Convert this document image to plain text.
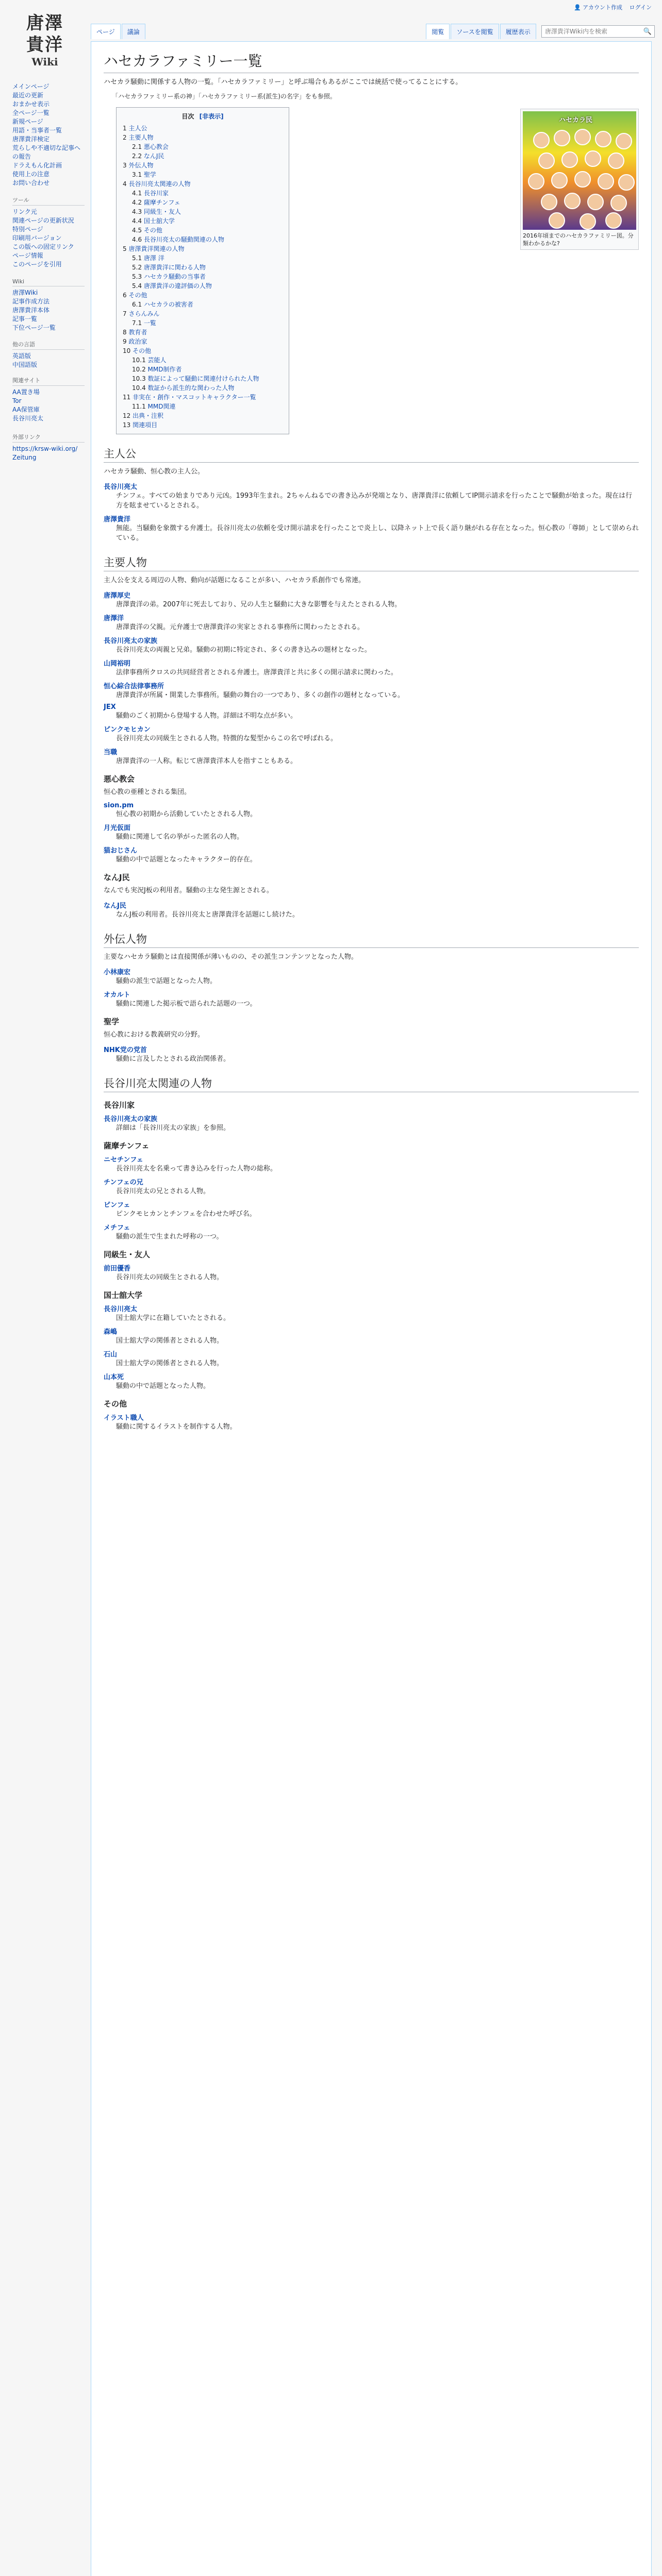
唐澤
貴洋
Wiki
メインページ
最近の更新
おまかせ表示
全ページ一覧
新規ページ
用語・当事者一覧
唐澤貴洋検定
荒らしや不適切な記事への報告
ドラえもん化計画
使用上の注意
お問い合わせ
ツール
リンク元
関連ページの更新状況
特別ページ
印刷用バージョン
この版への固定リンク
ページ情報
このページを引用
Wiki
唐澤Wiki
記事作成方法
唐澤貴洋本体
記事一覧
下位ページ一覧
他の言語
英語版
中国語版
関連サイト
AA置き場
Tor
AA保管庫
長谷川亮太
外部リンク
https://krsw-wiki.org/
Zeitung
👤 アカウント作成 ログイン
ページ	議論	閲覧	ソースを閲覧	履歴表示
唐澤貴洋Wiki内を検索	🔍
ハセカラファミリー一覧
ハセカラ民
2016年頃までのハセカラファミリー図。分類わかるかな?

ハセカラ騒動に関係する人物の一覧。「ハセカラファミリー」と呼ぶ場合もあるがここでは統括で使ってることにする。

「ハセカラファミリー系の神」「ハセカラファミリー系(派生)の名字」をも参照。
目次 [非表示]
1 主人公
2 主要人物
2.1 悪心教会
2.2 なんJ民
3 外伝人物
3.1 聖学
4 長谷川亮太関連の人物
4.1 長谷川家
4.2 薩摩チンフェ
4.3 同級生・友人
4.4 国士舘大学
4.5 その他
4.6 長谷川亮太の騒動関連の人物
5 唐澤貴洋関連の人物
5.1 唐澤 洋
5.2 唐澤貴洋に関わる人物
5.3 ハセカラ騒動の当事者
5.4 唐澤貴洋の違評価の人物
6 その他
6.1 ハセカラの被害者
7 さらんみん
7.1 一覧
8 教育者
9 政治家
10 その他
10.1 芸能人
10.2 MMD制作者
10.3 数証によって騒動に関連付けられた人物
10.4 数証から派生的な関わった人物
11 非実在・創作・マスコットキャラクター一覧
11.1 MMD関連
12 出典・注釈
13 関連項目
主人公

ハセカラ騒動、恒心教の主人公。

長谷川亮太
チンフェ。すべての始まりであり元凶。1993年生まれ。2ちゃんねるでの書き込みが発端となり、唐澤貴洋に依頼してIP開示請求を行ったことで騒動が始まった。現在は行方を眩ませているとされる。
唐澤貴洋
無能。当騒動を象徴する弁護士。長谷川亮太の依頼を受け開示請求を行ったことで炎上し、以降ネット上で長く語り継がれる存在となった。恒心教の「尊師」として崇められている。
主要人物

主人公を支える周辺の人物、動向が話題になることが多い、ハセカラ系創作でも常連。

唐澤厚史
唐澤貴洋の弟。2007年に死去しており、兄の人生と騒動に大きな影響を与えたとされる人物。
唐澤洋
唐澤貴洋の父親。元弁護士で唐澤貴洋の実家とされる事務所に関わったとされる。
長谷川亮太の家族
長谷川亮太の両親と兄弟。騒動の初期に特定され、多くの書き込みの題材となった。
山岡裕明
法律事務所クロスの共同経営者とされる弁護士。唐澤貴洋と共に多くの開示請求に関わった。
恒心綜合法律事務所
唐澤貴洋が所属・開業した事務所。騒動の舞台の一つであり、多くの創作の題材となっている。
JEX
騒動のごく初期から登場する人物。詳細は不明な点が多い。
ピンクモヒカン
長谷川亮太の同級生とされる人物。特徴的な髪型からこの名で呼ばれる。
当職
唐澤貴洋の一人称。転じて唐澤貴洋本人を指すこともある。
悪心教会

恒心教の亜種とされる集団。

sion.pm
恒心教の初期から活動していたとされる人物。
月光仮面
騒動に関連して名の挙がった匿名の人物。
猫おじさん
騒動の中で話題となったキャラクター的存在。
なんJ民

なんでも実況J板の利用者。騒動の主な発生源とされる。

なんJ民
なんJ板の利用者。長谷川亮太と唐澤貴洋を話題にし続けた。
外伝人物

主要なハセカラ騒動とは直接関係が薄いものの、その派生コンテンツとなった人物。

小林康宏
騒動の派生で話題となった人物。
オカルト
騒動に関連した掲示板で語られた話題の一つ。
聖学

恒心教における教義研究の分野。

NHK党の党首
騒動に言及したとされる政治関係者。
長谷川亮太関連の人物
長谷川家
長谷川亮太の家族
詳細は「長谷川亮太の家族」を参照。
薩摩チンフェ
ニセチンフェ
長谷川亮太を名乗って書き込みを行った人物の総称。
チンフェの兄
長谷川亮太の兄とされる人物。
ピンフェ
ピンクモヒカンとチンフェを合わせた呼び名。
メチフェ
騒動の派生で生まれた呼称の一つ。
同級生・友人
前田優香
長谷川亮太の同級生とされる人物。
国士舘大学
長谷川亮太
国士舘大学に在籍していたとされる。
森嶋
国士舘大学の関係者とされる人物。
石山
国士舘大学の関係者とされる人物。
山本死
騒動の中で話題となった人物。
その他
イラスト職人
騒動に関するイラストを制作する人物。
